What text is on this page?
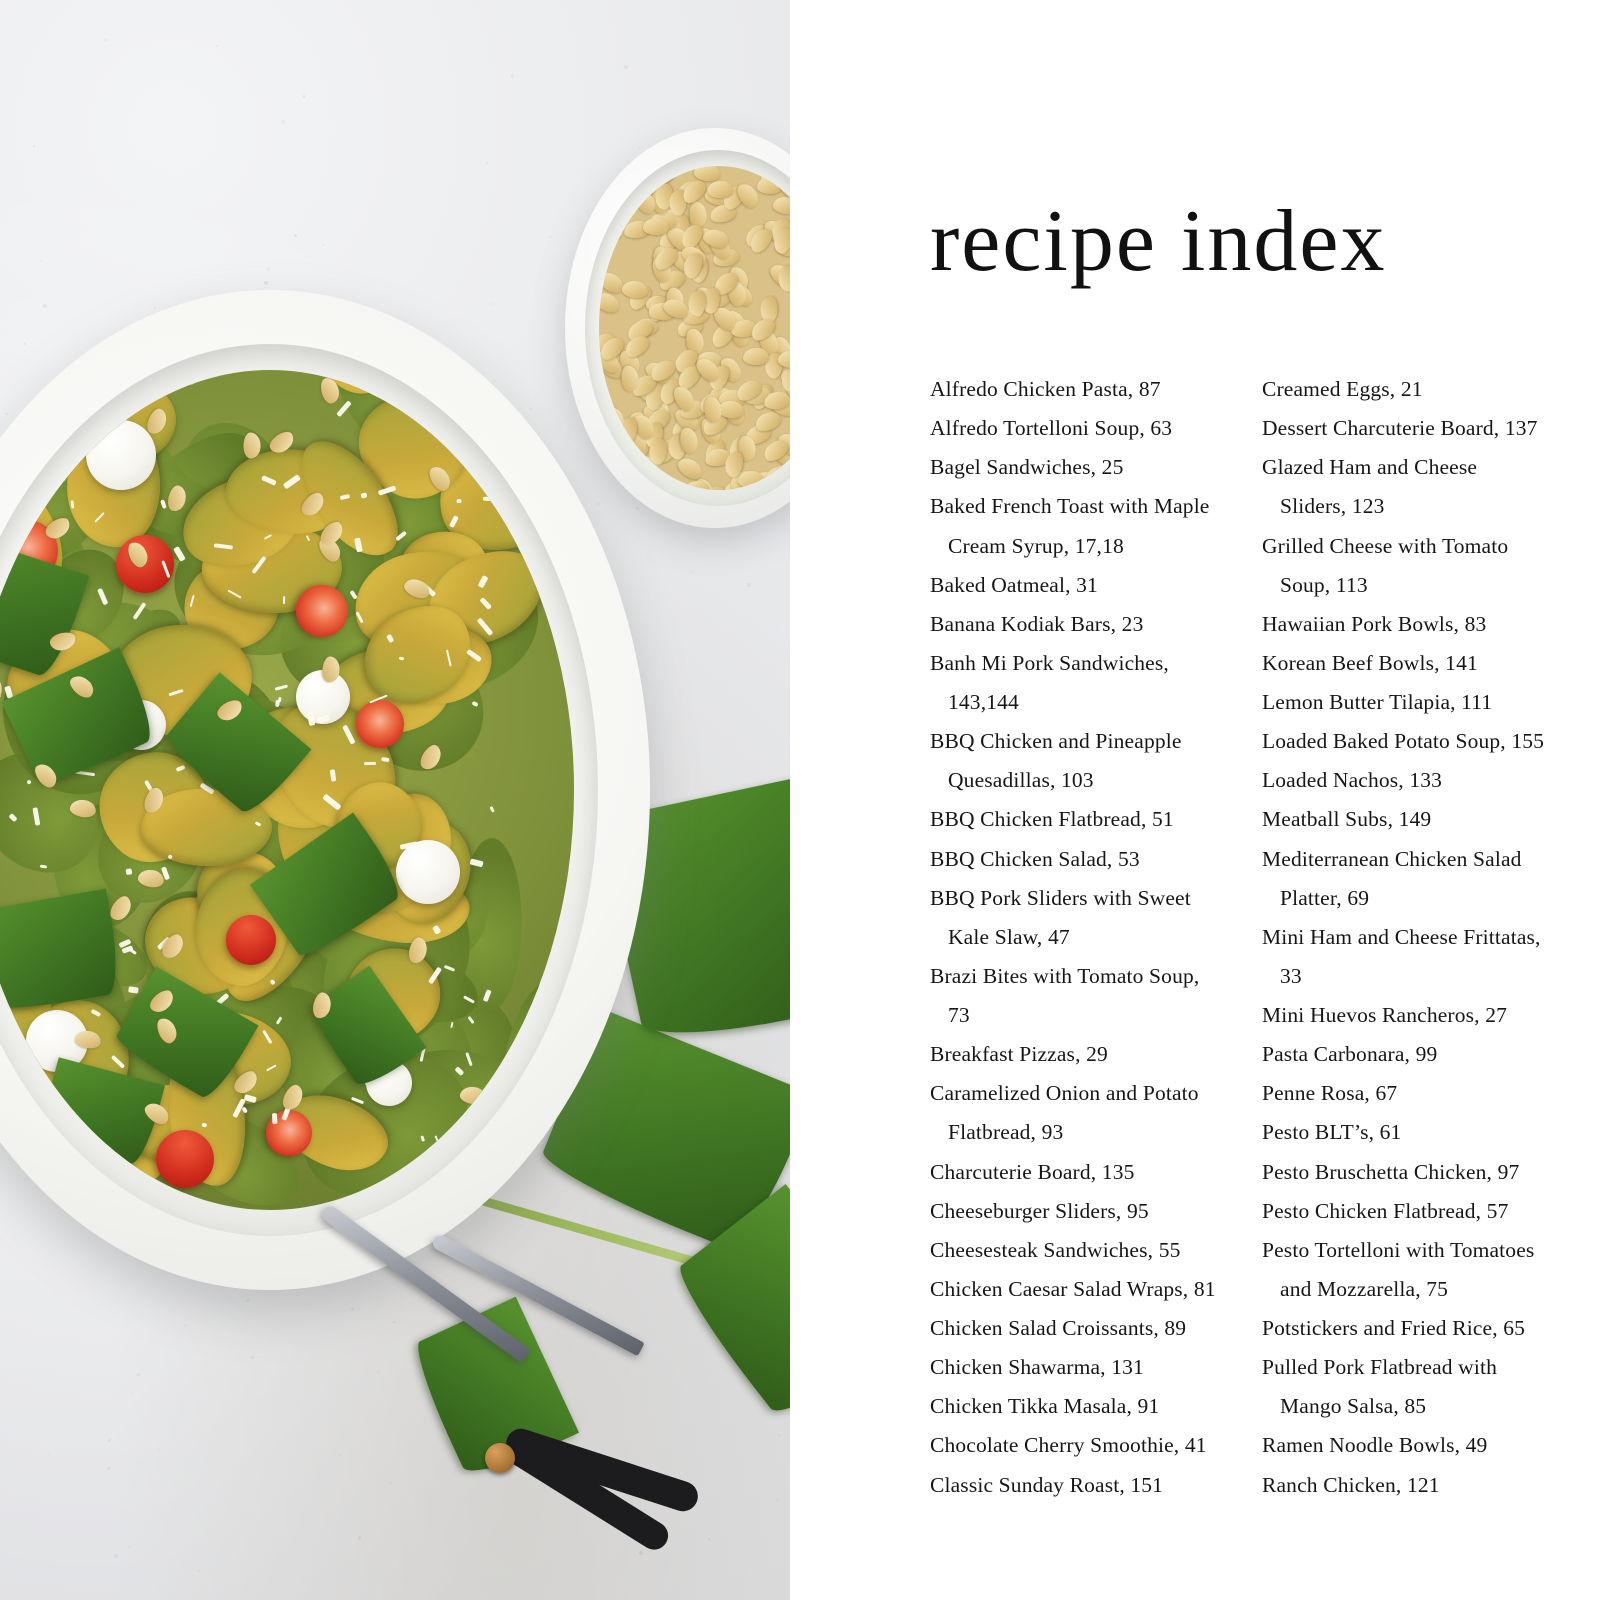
recipe index
Alfredo Chicken Pasta, 87
Alfredo Tortelloni Soup, 63
Bagel Sandwiches, 25
Baked French Toast with Maple Cream Syrup, 17,18
Baked Oatmeal, 31
Banana Kodiak Bars, 23
Banh Mi Pork Sandwiches, 143,144
BBQ Chicken and Pineapple Quesadillas, 103
BBQ Chicken Flatbread, 51
BBQ Chicken Salad, 53
BBQ Pork Sliders with Sweet Kale Slaw, 47
Brazi Bites with Tomato Soup, 73
Breakfast Pizzas, 29
Caramelized Onion and Potato Flatbread, 93
Charcuterie Board, 135
Cheeseburger Sliders, 95
Cheesesteak Sandwiches, 55
Chicken Caesar Salad Wraps, 81
Chicken Salad Croissants, 89
Chicken Shawarma, 131
Chicken Tikka Masala, 91
Chocolate Cherry Smoothie, 41
Classic Sunday Roast, 151
Creamed Eggs, 21
Dessert Charcuterie Board, 137
Glazed Ham and Cheese Sliders, 123
Grilled Cheese with Tomato Soup, 113
Hawaiian Pork Bowls, 83
Korean Beef Bowls, 141
Lemon Butter Tilapia, 111
Loaded Baked Potato Soup, 155
Loaded Nachos, 133
Meatball Subs, 149
Mediterranean Chicken Salad Platter, 69
Mini Ham and Cheese Frittatas, 33
Mini Huevos Rancheros, 27
Pasta Carbonara, 99
Penne Rosa, 67
Pesto BLT’s, 61
Pesto Bruschetta Chicken, 97
Pesto Chicken Flatbread, 57
Pesto Tortelloni with Tomatoes and Mozzarella, 75
Potstickers and Fried Rice, 65
Pulled Pork Flatbread with Mango Salsa, 85
Ramen Noodle Bowls, 49
Ranch Chicken, 121
